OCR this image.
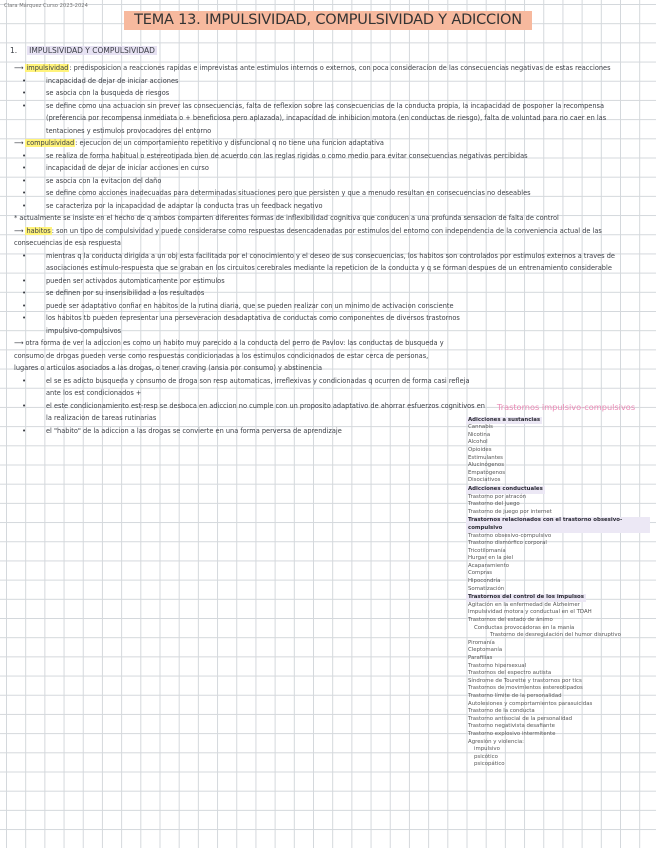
Clara Márquez Curso 2023-2024
TEMA 13. IMPULSIVIDAD, COMPULSIVIDAD Y ADICCION
1. IMPULSIVIDAD Y COMPULSIVIDAD

⟶ impulsividad: predisposicion a reacciones rapidas e imprevistas ante estimulos internos o externos, con poca consideracion de las consecuencias negativas de estas reacciones

• incapacidad de dejar de iniciar acciones

• se asocia con la busqueda de riesgos

• se define como una actuacion sin prever las consecuencias, falta de reflexion sobre las consecuencias de la conducta propia, la incapacidad de posponer la recompensa (preferencia por recompensa inmediata o + beneficiosa pero aplazada), incapacidad de inhibicion motora (en conductas de riesgo), falta de voluntad para no caer en las tentaciones y estimulos provocadores del entorno

⟶ compulsividad: ejecucion de un comportamiento repetitivo y disfuncional q no tiene una funcion adaptativa

• se realiza de forma habitual o estereotipada bien de acuerdo con las reglas rigidas o como medio para evitar consecuencias negativas percibidas

• incapacidad de dejar de iniciar acciones en curso

• se asocia con la evitacion del daño

• se define como acciones inadecuadas para determinadas situaciones pero que persisten y que a menudo resultan en consecuencias no deseables

• se caracteriza por la incapacidad de adaptar la conducta tras un feedback negativo

* actualmente se insiste en el hecho de q ambos comparten diferentes formas de inflexibilidad cognitiva que conducen a una profunda sensacion de falta de control

⟶ habitos: son un tipo de compulsividad y puede considerarse como respuestas desencadenadas por estimulos del entorno con independencia de la conveniencia actual de las consecuencias de esa respuesta

• mientras q la conducta dirigida a un obj esta facilitada por el conocimiento y el deseo de sus consecuencias, los habitos son controlados por estimulos externos a traves de asociaciones estimulo-respuesta que se graban en los circuitos cerebrales mediante la repeticion de la conducta y q se forman despues de un entrenamiento considerable

• pueden ser activados automaticamente por estimulos

• se definen por su insensibilidad a los resultados

• puede ser adaptativo confiar en habitos de la rutina diaria, que se pueden realizar con un minimo de activacion consciente

• los habitos tb pueden representar una perseveracion desadaptativa de conductas como componentes de diversos trastornos impulsivo-compulsivos

⟶ otra forma de ver la adiccion es como un habito muy parecido a la conducta del perro de Pavlov: las conductas de busqueda y consumo de drogas pueden verse como respuestas condicionadas a los estimulos condicionados de estar cerca de personas, lugares o articulos asociados a las drogas, o tener craving (ansia por consumo) y abstinencia

• el se es adicto busqueda y consumo de droga son resp automaticas, irreflexivas y condicionadas q ocurren de forma casi refleja ante los est condicionados +

• el este condicionamiento est-resp se desboca en adiccion no cumple con un proposito adaptativo de ahorrar esfuerzos cognitivos en la realizacion de tareas rutinarias

• el "habito" de la adiccion a las drogas se convierte en una forma perversa de aprendizaje

Trastornos impulsivo-compulsivos
Adicciones a sustancias
Cannabis
Nicotina
Alcohol
Opioides
Estimulantes
Alucinógenos
Empatógenos
Disociativos
Adicciones conductuales
Trastorno por atracón
Trastorno del juego
Trastorno de juego por internet
Trastornos relacionados con el trastorno obsesivo-compulsivo
Trastorno obsesivo-compulsivo
Trastorno dismórfico corporal
Tricotilomanía
Hurgar en la piel
Acaparamiento
Compras
Hipocondría
Somatización
Trastornos del control de los impulsos
Agitación en la enfermedad de Alzheimer
Impulsividad motora y conductual en el TDAH
Trastornos del estado de ánimo
Conductas provocadoras en la manía
Trastorno de desregulación del humor disruptivo
Piromanía
Cleptomanía
Parafilias
Trastorno hipersexual
Trastornos del espectro autista
Síndrome de Tourette y trastornos por tics
Trastornos de movimientos estereotipados
Trastorno límite de la personalidad
Autolesiones y comportamientos parasuicidas
Trastorno de la conducta
Trastorno antisocial de la personalidad
Trastorno negativista desafiante
Trastorno explosivo intermitente
Agresión y violencia:
impulsivo
psicótico
psicopático
